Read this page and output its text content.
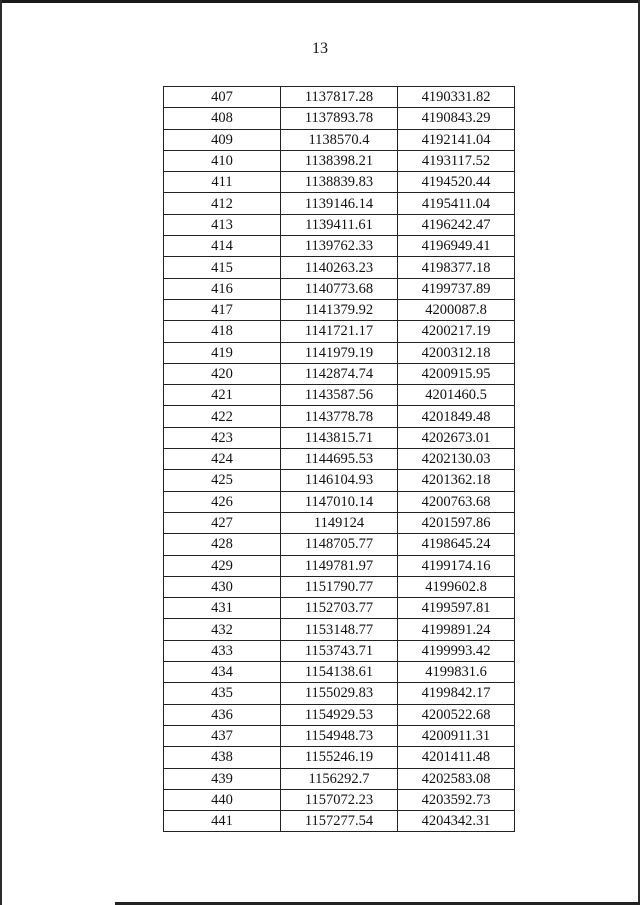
13
407	1137817.28	4190331.82
408	1137893.78	4190843.29
409	1138570.4	4192141.04
410	1138398.21	4193117.52
411	1138839.83	4194520.44
412	1139146.14	4195411.04
413	1139411.61	4196242.47
414	1139762.33	4196949.41
415	1140263.23	4198377.18
416	1140773.68	4199737.89
417	1141379.92	4200087.8
418	1141721.17	4200217.19
419	1141979.19	4200312.18
420	1142874.74	4200915.95
421	1143587.56	4201460.5
422	1143778.78	4201849.48
423	1143815.71	4202673.01
424	1144695.53	4202130.03
425	1146104.93	4201362.18
426	1147010.14	4200763.68
427	1149124	4201597.86
428	1148705.77	4198645.24
429	1149781.97	4199174.16
430	1151790.77	4199602.8
431	1152703.77	4199597.81
432	1153148.77	4199891.24
433	1153743.71	4199993.42
434	1154138.61	4199831.6
435	1155029.83	4199842.17
436	1154929.53	4200522.68
437	1154948.73	4200911.31
438	1155246.19	4201411.48
439	1156292.7	4202583.08
440	1157072.23	4203592.73
441	1157277.54	4204342.31
